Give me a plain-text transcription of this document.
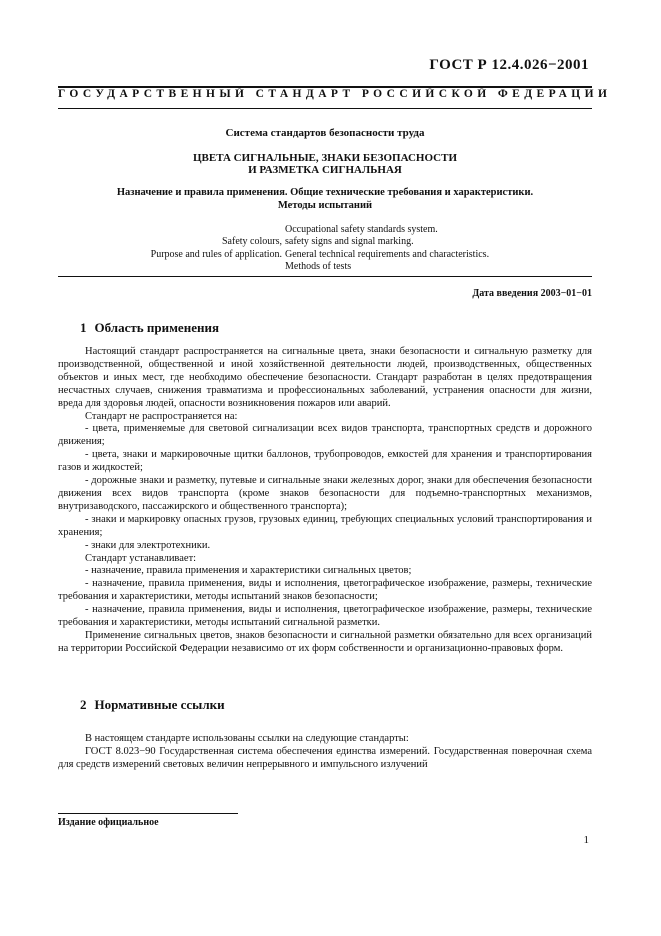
ГОСТ Р 12.4.026−2001
ГОСУДАРСТВЕННЫЙ СТАНДАРТ РОССИЙСКОЙ ФЕДЕРАЦИИ
Система стандартов безопасности труда
ЦВЕТА СИГНАЛЬНЫЕ, ЗНАКИ БЕЗОПАСНОСТИ
И РАЗМЕТКА СИГНАЛЬНАЯ
Назначение и правила применения. Общие технические требования и характеристики.
Методы испытаний
Occupational safety standards system.
Safety colours, safety signs and signal marking.
Purpose and rules of application. General technical requirements and characteristics.
Methods of tests
Дата введения 2003−01−01
1 Область применения

Настоящий стандарт распространяется на сигнальные цвета, знаки безопасности и сигнальную разметку для производственной, общественной и иной хозяйственной деятельности людей, производственных, общественных объектов и иных мест, где необходимо обеспечение безопасности. Стандарт разработан в целях предотвращения несчастных случаев, снижения травматизма и профессиональных заболеваний, устранения опасности для жизни, вреда для здоровья людей, опасности возникновения пожаров или аварий.

Стандарт не распространяется на:

- цвета, применяемые для световой сигнализации всех видов транспорта, транспортных средств и дорожного движения;

- цвета, знаки и маркировочные щитки баллонов, трубопроводов, емкостей для хранения и транспортирования газов и жидкостей;

- дорожные знаки и разметку, путевые и сигнальные знаки железных дорог, знаки для обеспечения безопасности движения всех видов транспорта (кроме знаков безопасности для подъемно-транспортных механизмов, внутризаводского, пассажирского и общественного транспорта);

- знаки и маркировку опасных грузов, грузовых единиц, требующих специальных условий транспортирования и хранения;

- знаки для электротехники.

Стандарт устанавливает:

- назначение, правила применения и характеристики сигнальных цветов;

- назначение, правила применения, виды и исполнения, цветографическое изображение, размеры, технические требования и характеристики, методы испытаний знаков безопасности;

- назначение, правила применения, виды и исполнения, цветографическое изображение, размеры, технические требования и характеристики, методы испытаний сигнальной разметки.

Применение сигнальных цветов, знаков безопасности и сигнальной разметки обязательно для всех организаций на территории Российской Федерации независимо от их форм собственности и организационно-правовых форм.

2 Нормативные ссылки

В настоящем стандарте использованы ссылки на следующие стандарты:

ГОСТ 8.023−90 Государственная система обеспечения единства измерений. Государственная поверочная схема для средств измерений световых величин непрерывного и импульсного излучений

Издание официальное
1
